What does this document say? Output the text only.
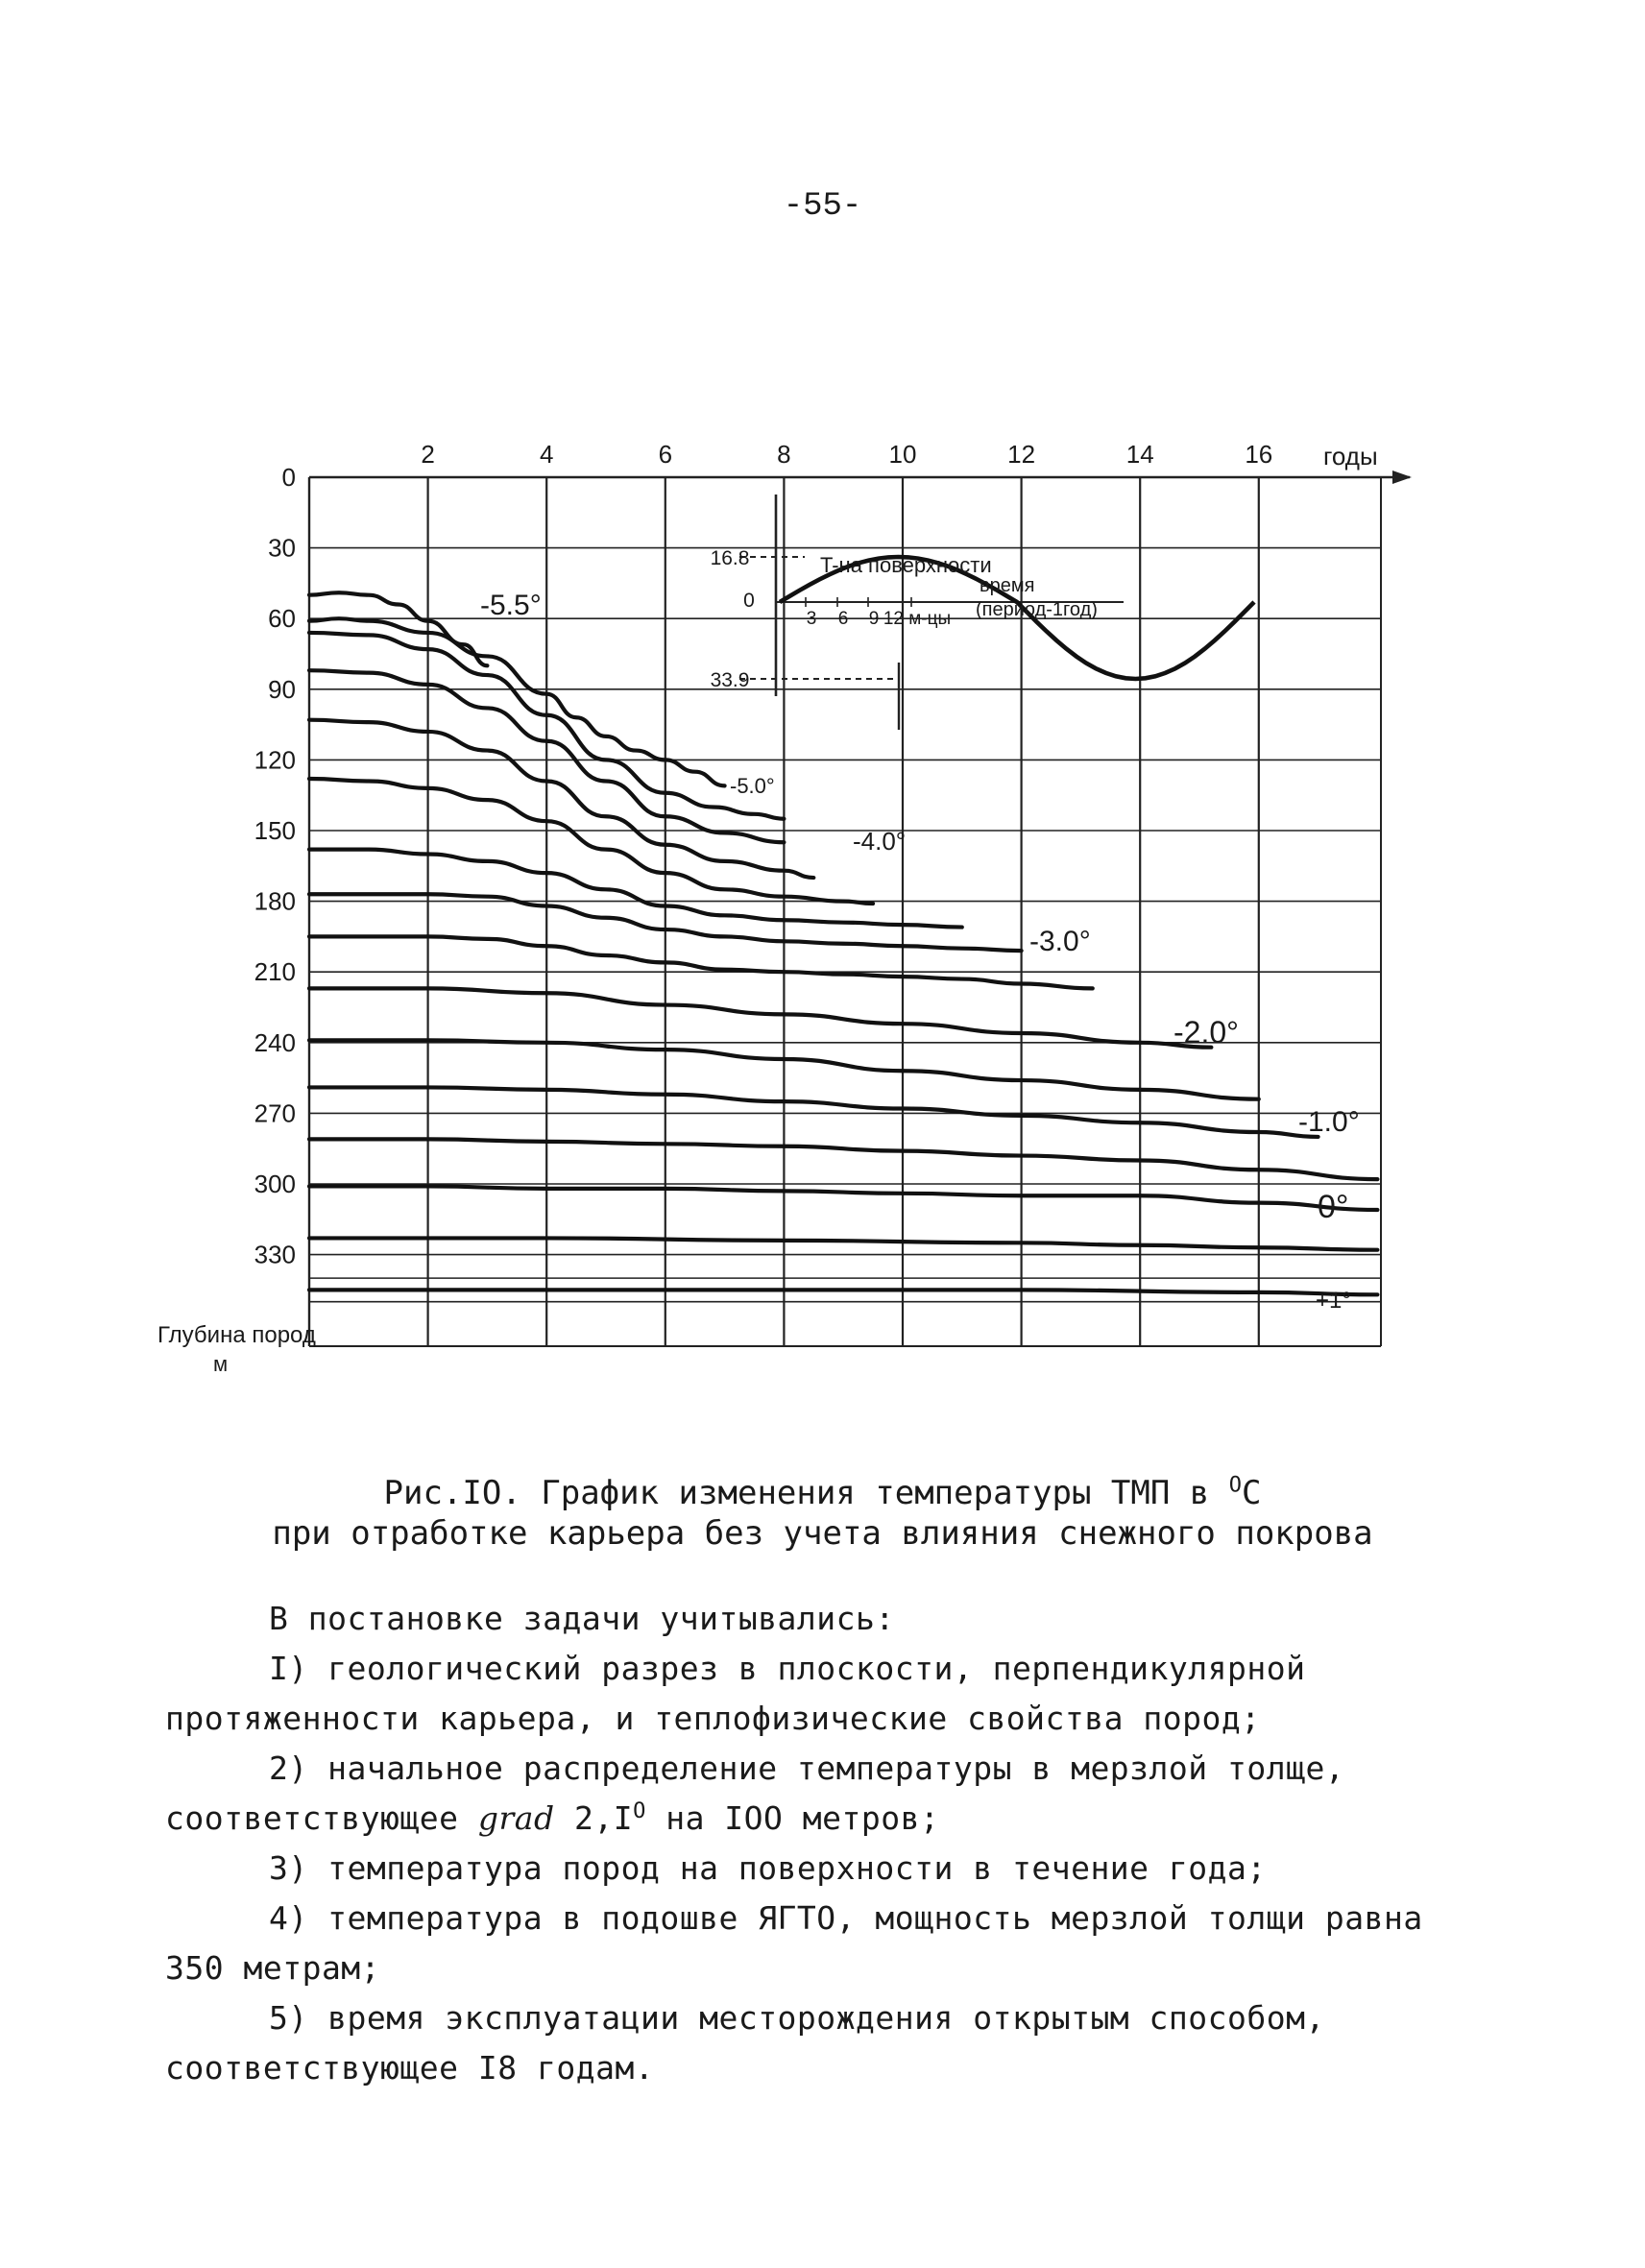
-55-
2	4	6	8	10	12	14	16
0
30
60
90
120
150
180
210
240
270
300
330
годы
Глубина пород
м
-5.5°
-5.0°
-4.0°
-3.0°
-2.0°
-1.0°
0°
+1°
16.8
0
33.9
3 6 9 12 м-цы
T-на поверхности
время
(период-1год)
Рис.IO. График изменения температуры ТМП в $^O$C
при отработке карьера без учета влияния снежного покрова

В постановке задачи учитывались:

I) геологический разрез в плоскости, перпендикулярной протяженности карьера, и теплофизические свойства пород;

2) начальное распределение температуры в мерзлой толще, соответствующее grad $2,I^O$ на IOO метров;

3) температура пород на поверхности в течение года;

4) температура в подошве ЯГТО, мощность мерзлой толщи равна 350 метрам;

5) время эксплуатации месторождения открытым способом, соответствующее I8 годам.
